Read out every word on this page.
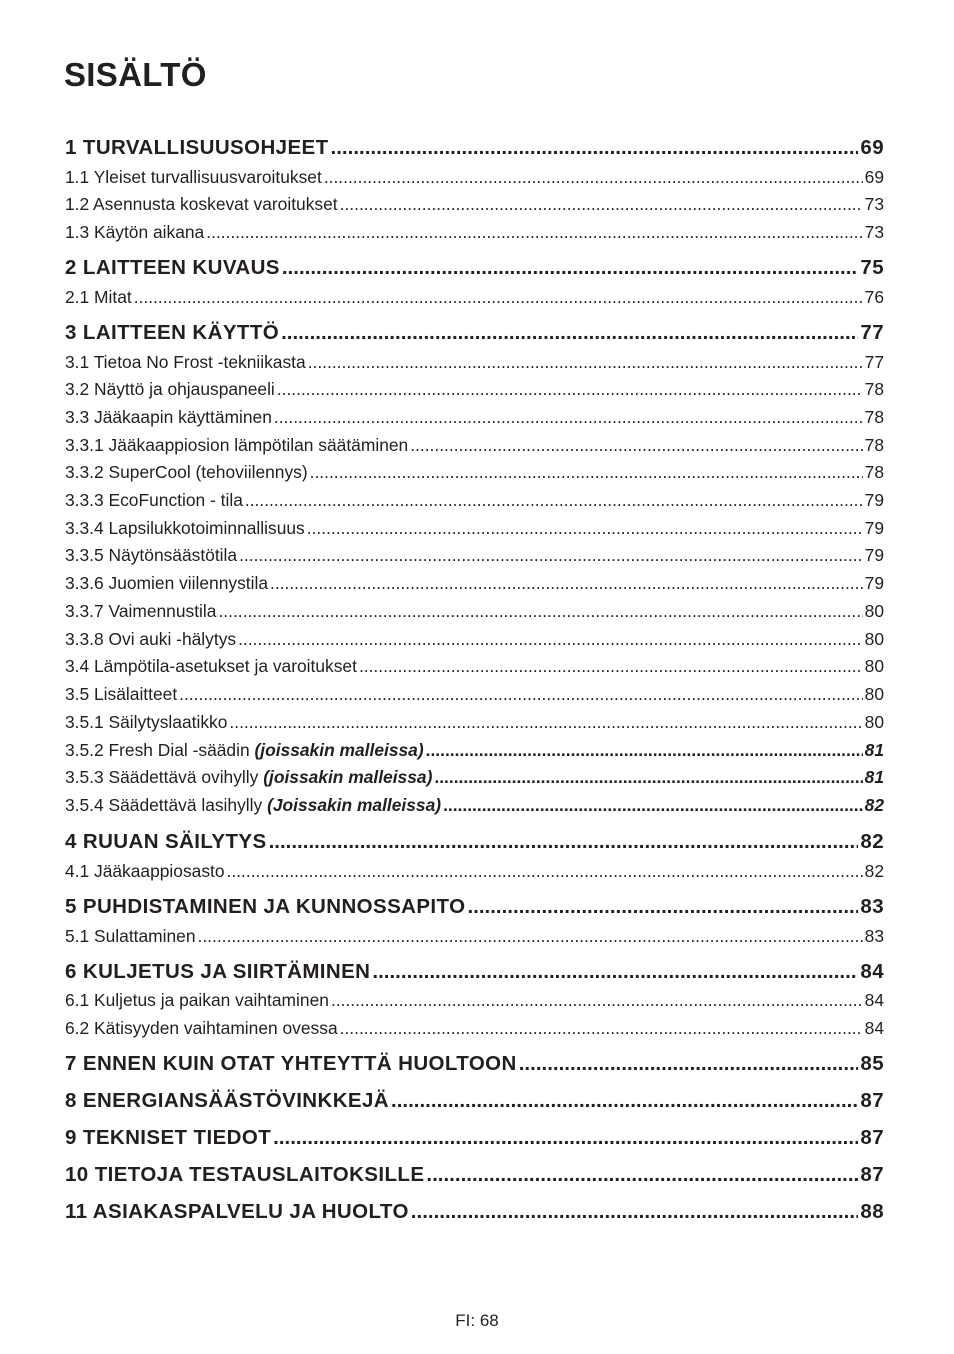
SISÄLTÖ
1 TURVALLISUUSOHJEET .....	69
1.1 Yleiset turvallisuusvaroitukset .....	69
1.2 Asennusta koskevat varoitukset .....	73
1.3 Käytön aikana .....	73
2 LAITTEEN KUVAUS .....	75
2.1 Mitat .....	76
3 LAITTEEN KÄYTTÖ .....	77
3.1 Tietoa No Frost -tekniikasta .....	77
3.2 Näyttö ja ohjauspaneeli .....	78
3.3 Jääkaapin käyttäminen .....	78
3.3.1 Jääkaappiosion lämpötilan säätäminen .....	78
3.3.2 SuperCool (tehoviilennys) .....	78
3.3.3 EcoFunction - tila .....	79
3.3.4 Lapsilukkotoiminnallisuus .....	79
3.3.5 Näytönsäästötila .....	79
3.3.6 Juomien viilennystila .....	79
3.3.7 Vaimennustila .....	80
3.3.8 Ovi auki -hälytys .....	80
3.4 Lämpötila-asetukset ja varoitukset .....	80
3.5 Lisälaitteet .....	80
3.5.1 Säilytyslaatikko .....	80
3.5.2 Fresh Dial -säädin (joissakin malleissa) .....	81
3.5.3 Säädettävä ovihylly (joissakin malleissa) .....	81
3.5.4 Säädettävä lasihylly (Joissakin malleissa) .....	82
4 RUUAN SÄILYTYS .....	82
4.1 Jääkaappiosasto .....	82
5 PUHDISTAMINEN JA KUNNOSSAPITO .....	83
5.1 Sulattaminen .....	83
6 KULJETUS JA SIIRTÄMINEN .....	84
6.1 Kuljetus ja paikan vaihtaminen .....	84
6.2 Kätisyyden vaihtaminen ovessa .....	84
7 ENNEN KUIN OTAT YHTEYTTÄ HUOLTOON .....	85
8 ENERGIANSÄÄSTÖVINKKEJÄ .....	87
9 TEKNISET TIEDOT .....	87
10 TIETOJA TESTAUSLAITOKSILLE .....	87
11 ASIAKASPALVELU JA HUOLTO .....	88
FI: 68
